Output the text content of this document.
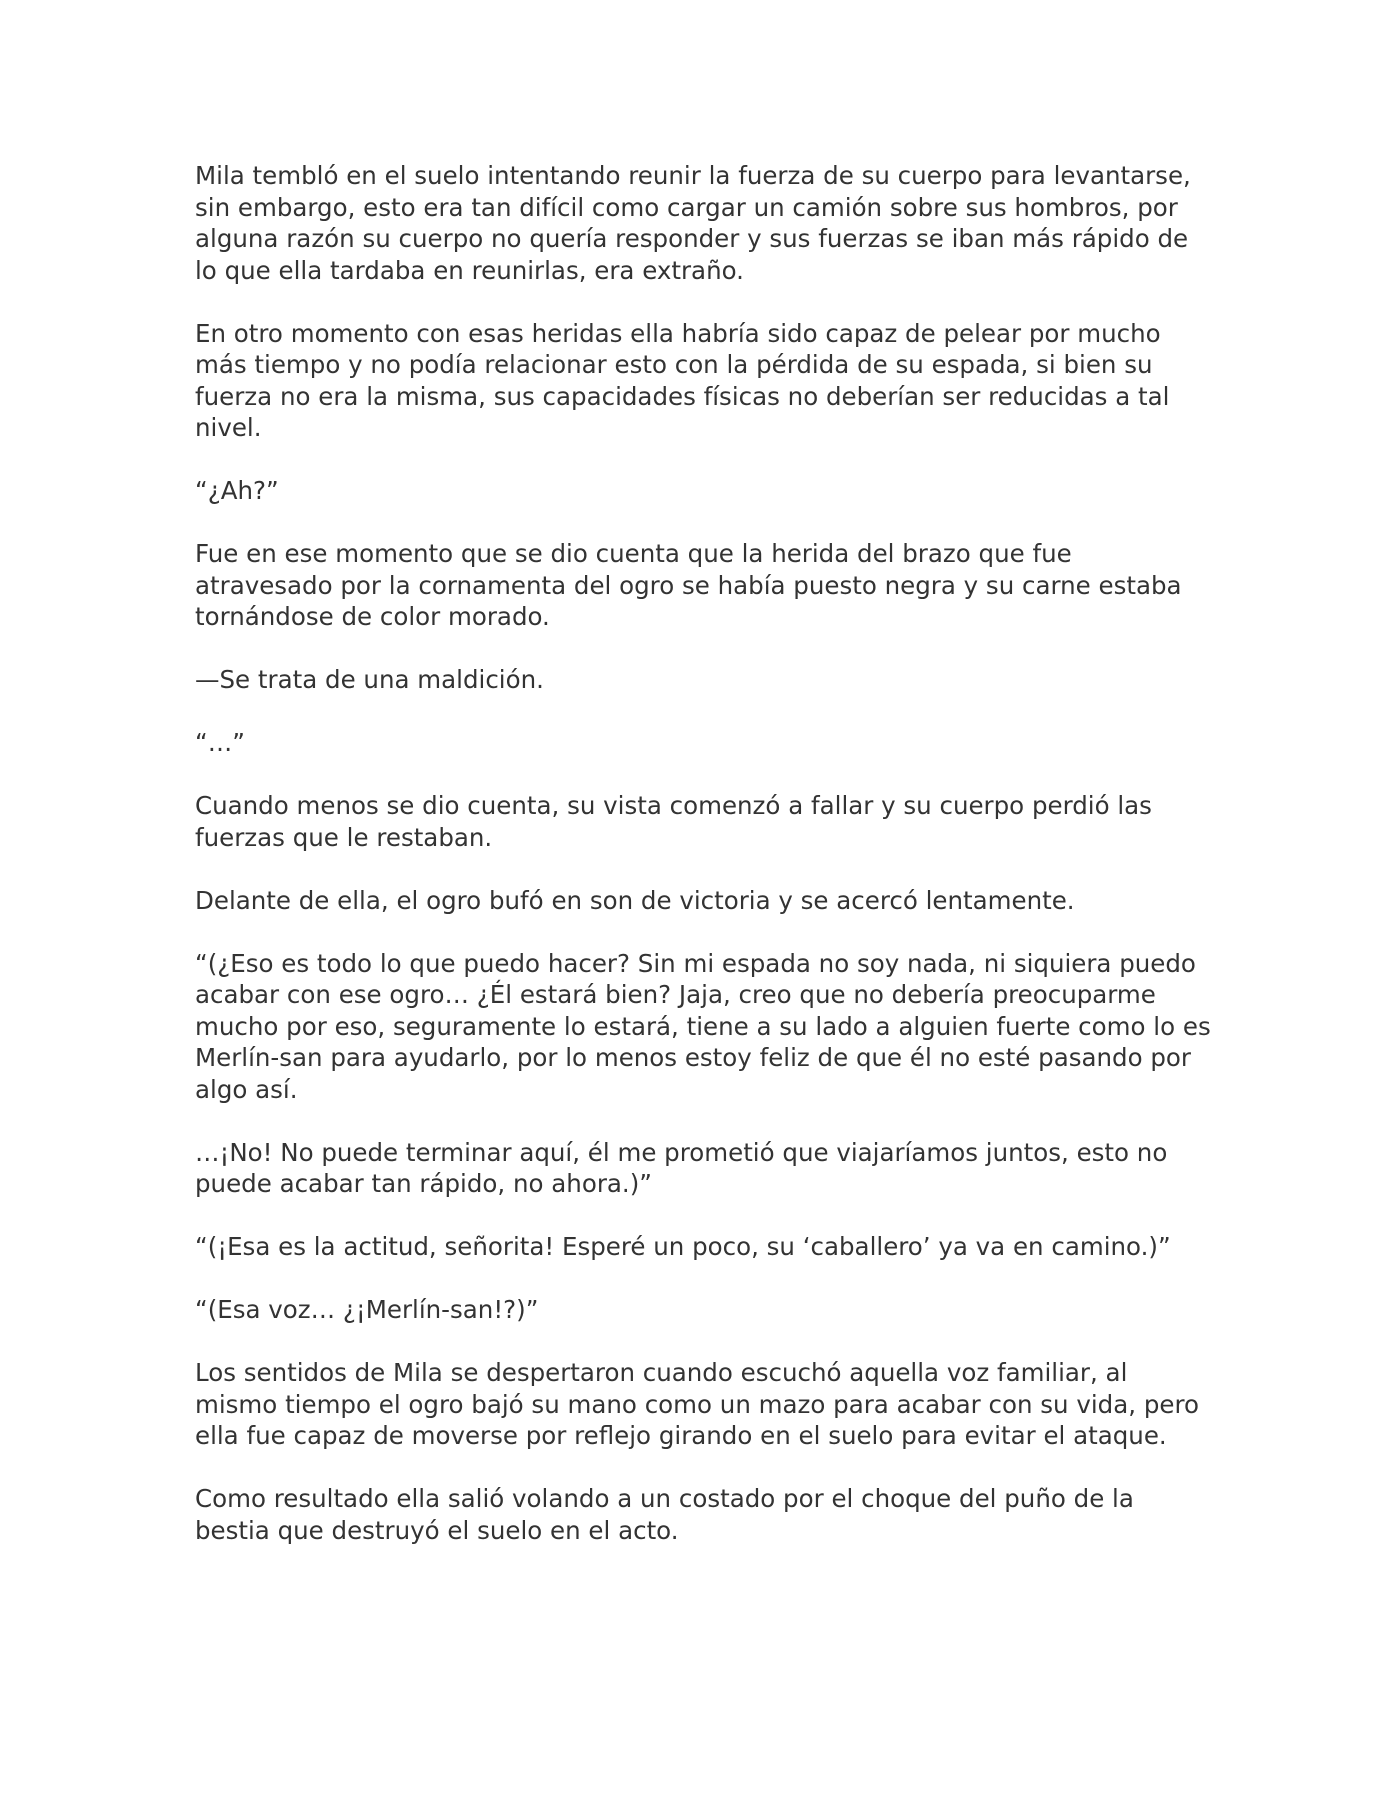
Mila tembló en el suelo intentando reunir la fuerza de su cuerpo para levantarse, sin embargo, esto era tan difícil como cargar un camión sobre sus hombros, por alguna razón su cuerpo no quería responder y sus fuerzas se iban más rápido de lo que ella tardaba en reunirlas, era extraño.

En otro momento con esas heridas ella habría sido capaz de pelear por mucho más tiempo y no podía relacionar esto con la pérdida de su espada, si bien su fuerza no era la misma, sus capacidades físicas no deberían ser reducidas a tal nivel.

“¿Ah?”

Fue en ese momento que se dio cuenta que la herida del brazo que fue atravesado por la cornamenta del ogro se había puesto negra y su carne estaba tornándose de color morado.

—Se trata de una maldición.

“…”

Cuando menos se dio cuenta, su vista comenzó a fallar y su cuerpo perdió las fuerzas que le restaban.

Delante de ella, el ogro bufó en son de victoria y se acercó lentamente.

“(¿Eso es todo lo que puedo hacer? Sin mi espada no soy nada, ni siquiera puedo acabar con ese ogro… ¿Él estará bien? Jaja, creo que no debería preocuparme mucho por eso, seguramente lo estará, tiene a su lado a alguien fuerte como lo es Merlín-san para ayudarlo, por lo menos estoy feliz de que él no esté pasando por algo así.

…¡No! No puede terminar aquí, él me prometió que viajaríamos juntos, esto no puede acabar tan rápido, no ahora.)”

“(¡Esa es la actitud, señorita! Esperé un poco, su ‘caballero’ ya va en camino.)”

“(Esa voz… ¿¡Merlín-san!?)”

Los sentidos de Mila se despertaron cuando escuchó aquella voz familiar, al mismo tiempo el ogro bajó su mano como un mazo para acabar con su vida, pero ella fue capaz de moverse por reflejo girando en el suelo para evitar el ataque.

Como resultado ella salió volando a un costado por el choque del puño de la bestia que destruyó el suelo en el acto.
